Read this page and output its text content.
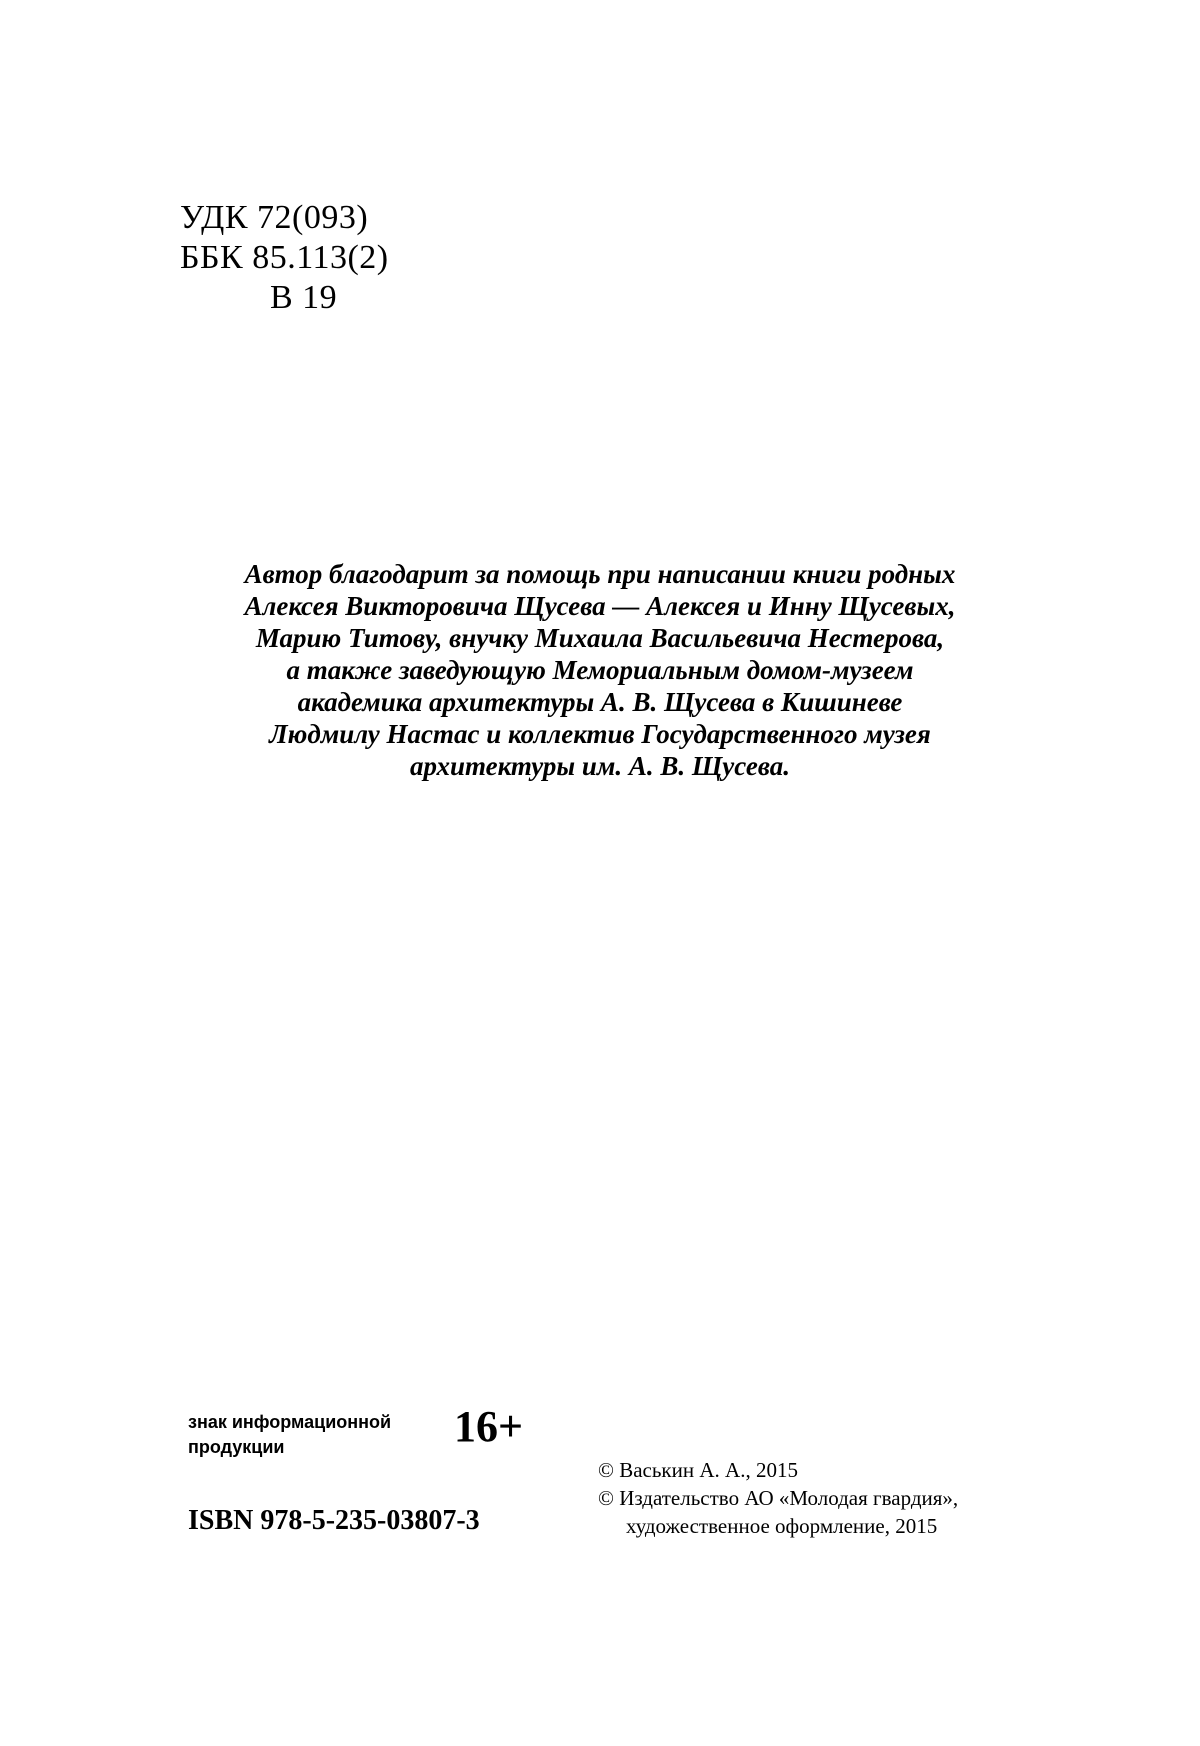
УДК 72(093)
ББК 85.113(2)
В 19
Автор благодарит за помощь при написании книги родных
Алексея Викторовича Щусева — Алексея и Инну Щусевых,
Марию Титову, внучку Михаила Васильевича Нестерова,
а также заведующую Мемориальным домом-музеем
академика архитектуры А. В. Щусева в Кишиневе
Людмилу Настас и коллектив Государственного музея
архитектуры им. А. В. Щусева.
знак информационной
продукции	16+
ISBN 978-5-235-03807-3
© Васькин А. А., 2015
© Издательство АО «Молодая гвардия»,
художественное оформление, 2015
